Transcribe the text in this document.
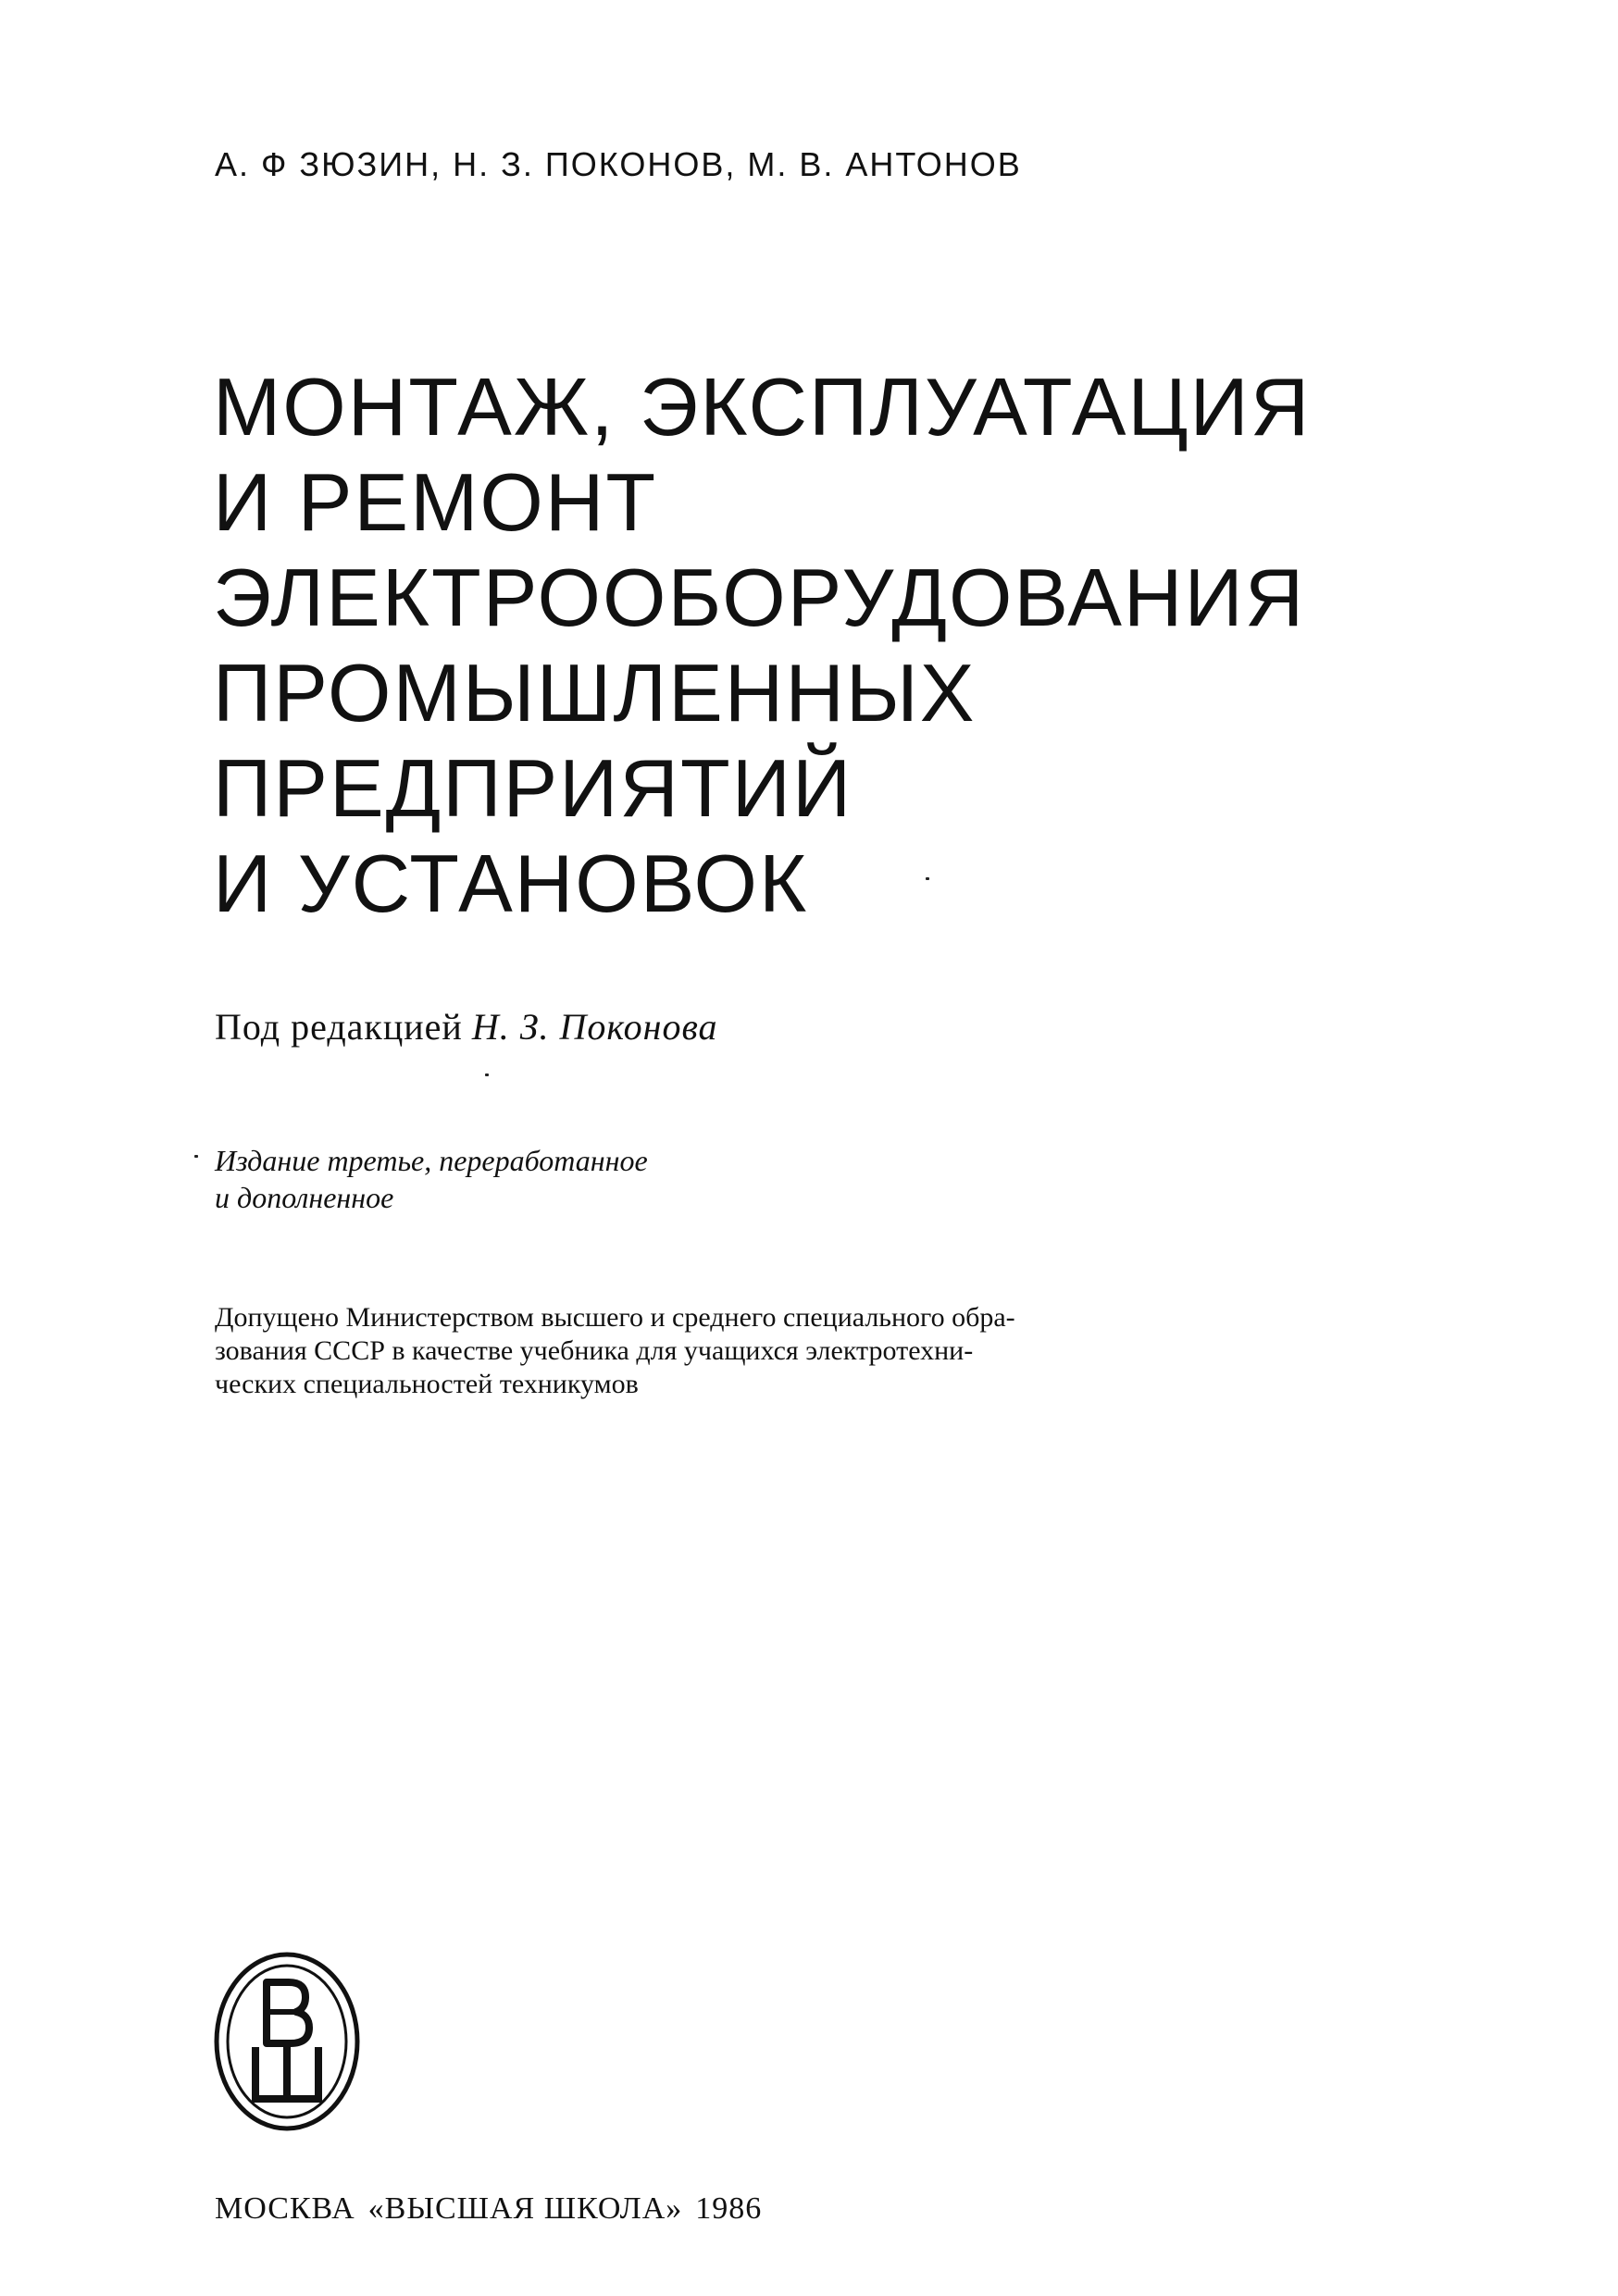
А. Ф ЗЮЗИН, Н. З. ПОКОНОВ, М. В. АНТОНОВ
МОНТАЖ, ЭКСПЛУАТАЦИЯ
И РЕМОНТ
ЭЛЕКТРООБОРУДОВАНИЯ
ПРОМЫШЛЕННЫХ
ПРЕДПРИЯТИЙ
И УСТАНОВОК
Под редакцией Н. З. Поконова
Издание третье, переработанное
и дополненное
Допущено Министерством высшего и среднего специального обра-
зования СССР в качестве учебника для учащихся электротехни-
ческих специальностей техникумов
МОСКВА «ВЫСШАЯ ШКОЛА» 1986
